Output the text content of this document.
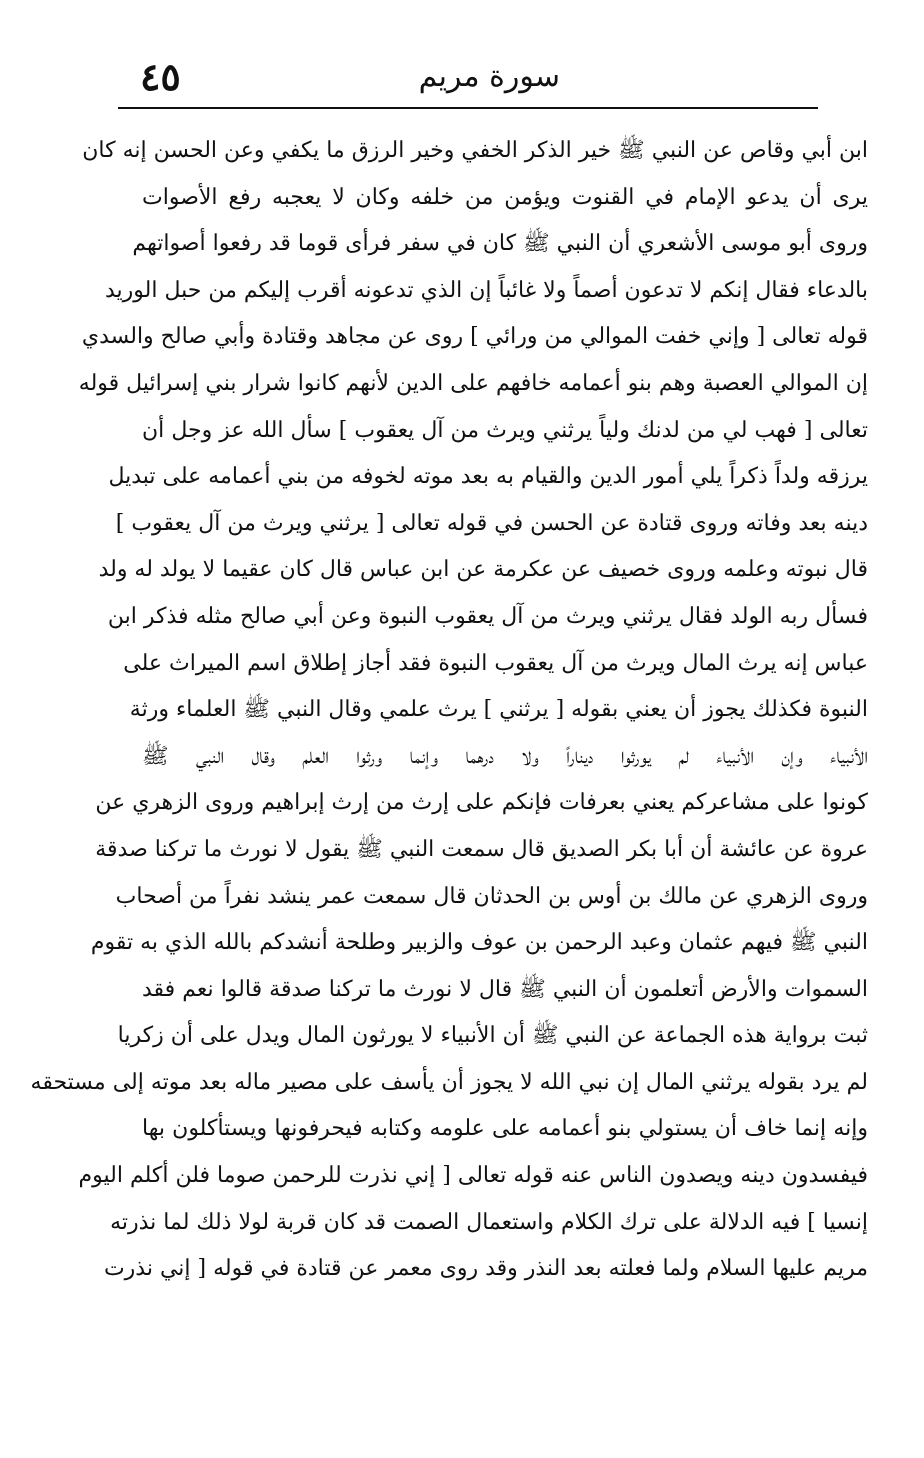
سورة مريم
٤٥
ابن أبي وقاص عن النبي ﷺ خير الذكر الخفي وخير الرزق ما يكفي وعن الحسن إنه كان
يرى أن يدعو الإمام في القنوت ويؤمن من خلفه وكان لا يعجبه رفع الأصوات
وروى أبو موسى الأشعري أن النبي ﷺ كان في سفر فرأى قوما قد رفعوا أصواتهم
بالدعاء فقال إنكم لا تدعون أصماً ولا غائباً إن الذي تدعونه أقرب إليكم من حبل الوريد
قوله تعالى [ وإني خفت الموالي من ورائي ] روى عن مجاهد وقتادة وأبي صالح والسدي
إن الموالي العصبة وهم بنو أعمامه خافهم على الدين لأنهم كانوا شرار بني إسرائيل قوله
تعالى [ فهب لي من لدنك ولياً يرثني ويرث من آل يعقوب ] سأل الله عز وجل أن
يرزقه ولداً ذكراً يلي أمور الدين والقيام به بعد موته لخوفه من بني أعمامه على تبديل
دينه بعد وفاته وروى قتادة عن الحسن في قوله تعالى [ يرثني ويرث من آل يعقوب ]
قال نبوته وعلمه وروى خصيف عن عكرمة عن ابن عباس قال كان عقيما لا يولد له ولد
فسأل ربه الولد فقال يرثني ويرث من آل يعقوب النبوة وعن أبي صالح مثله فذكر ابن
عباس إنه يرث المال ويرث من آل يعقوب النبوة فقد أجاز إطلاق اسم الميراث على
النبوة فكذلك يجوز أن يعني بقوله [ يرثني ] يرث علمي وقال النبي ﷺ العلماء ورثة
الأنبياء وإن الأنبياء لم يورثوا ديناراً ولا درهما وإنما ورثوا العلم وقال النبي ﷺ
كونوا على مشاعركم يعني بعرفات فإنكم على إرث من إرث إبراهيم وروى الزهري عن
عروة عن عائشة أن أبا بكر الصديق قال سمعت النبي ﷺ يقول لا نورث ما تركنا صدقة
وروى الزهري عن مالك بن أوس بن الحدثان قال سمعت عمر ينشد نفراً من أصحاب
النبي ﷺ فيهم عثمان وعبد الرحمن بن عوف والزبير وطلحة أنشدكم بالله الذي به تقوم
السموات والأرض أتعلمون أن النبي ﷺ قال لا نورث ما تركنا صدقة قالوا نعم فقد
ثبت برواية هذه الجماعة عن النبي ﷺ أن الأنبياء لا يورثون المال ويدل على أن زكريا
لم يرد بقوله يرثني المال إن نبي الله لا يجوز أن يأسف على مصير ماله بعد موته إلى مستحقه
وإنه إنما خاف أن يستولي بنو أعمامه على علومه وكتابه فيحرفونها ويستأكلون بها
فيفسدون دينه ويصدون الناس عنه قوله تعالى [ إني نذرت للرحمن صوما فلن أكلم اليوم
إنسيا ] فيه الدلالة على ترك الكلام واستعمال الصمت قد كان قربة لولا ذلك لما نذرته
مريم عليها السلام ولما فعلته بعد النذر وقد روى معمر عن قتادة في قوله [ إني نذرت
